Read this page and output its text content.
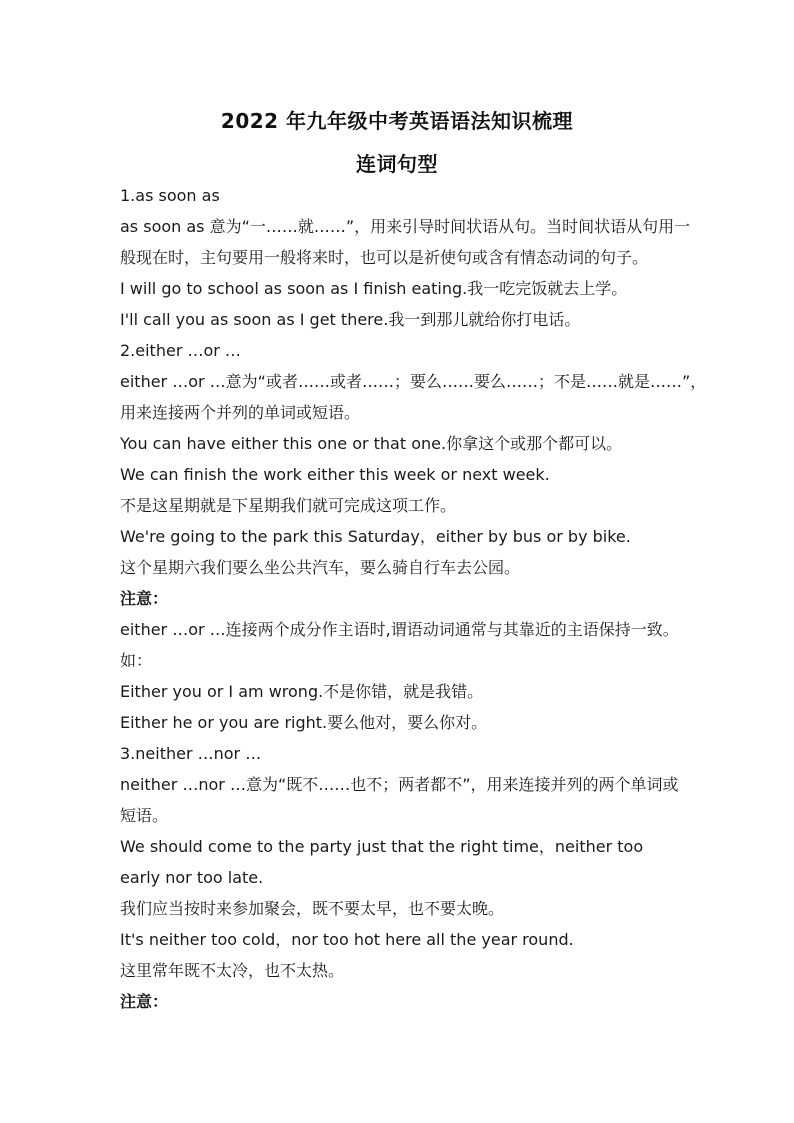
2022 年九年级中考英语语法知识梳理
连词句型
1.as soon as
as soon as 意为“一……就……”，用来引导时间状语从句。当时间状语从句用一
般现在时，主句要用一般将来时，也可以是祈使句或含有情态动词的句子。
I will go to school as soon as I finish eating.我一吃完饭就去上学。
I'll call you as soon as I get there.我一到那儿就给你打电话。
2.either …or …
either …or …意为“或者……或者……；要么……要么……；不是……就是……”，
用来连接两个并列的单词或短语。
You can have either this one or that one.你拿这个或那个都可以。
We can finish the work either this week or next week.
不是这星期就是下星期我们就可完成这项工作。
We're going to the park this Saturday，either by bus or by bike.
这个星期六我们要么坐公共汽车，要么骑自行车去公园。
注意：
either …or …连接两个成分作主语时,谓语动词通常与其靠近的主语保持一致。
如：
Either you or I am wrong.不是你错，就是我错。
Either he or you are right.要么他对，要么你对。
3.neither …nor …
neither …nor …意为“既不……也不；两者都不”，用来连接并列的两个单词或
短语。
We should come to the party just that the right time，neither too
early nor too late.
我们应当按时来参加聚会，既不要太早，也不要太晚。
It's neither too cold，nor too hot here all the year round.
这里常年既不太冷，也不太热。
注意：
